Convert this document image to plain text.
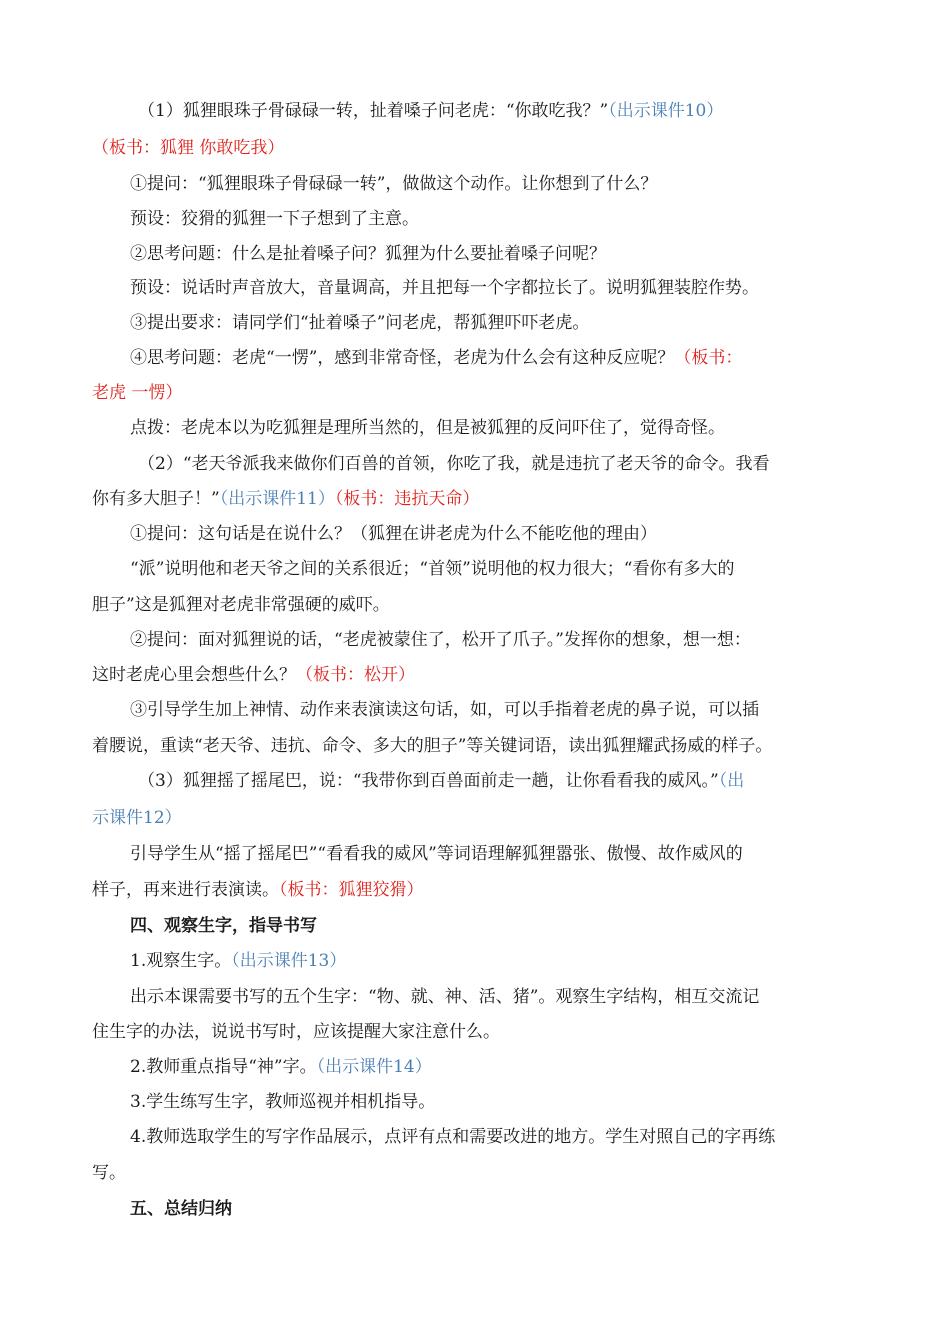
（1）狐狸眼珠子骨碌碌一转，扯着嗓子问老虎：“你敢吃我？”（出示课件10）
（板书：狐狸 你敢吃我）
①提问：“狐狸眼珠子骨碌碌一转”，做做这个动作。让你想到了什么？
预设：狡猾的狐狸一下子想到了主意。
②思考问题：什么是扯着嗓子问？狐狸为什么要扯着嗓子问呢？
预设：说话时声音放大，音量调高，并且把每一个字都拉长了。说明狐狸装腔作势。
③提出要求：请同学们“扯着嗓子”问老虎，帮狐狸吓吓老虎。
④思考问题：老虎“一愣”，感到非常奇怪，老虎为什么会有这种反应呢？（板书：
老虎 一愣）
点拨：老虎本以为吃狐狸是理所当然的，但是被狐狸的反问吓住了，觉得奇怪。
（2）“老天爷派我来做你们百兽的首领，你吃了我，就是违抗了老天爷的命令。我看
你有多大胆子！”（出示课件11）（板书：违抗天命）
①提问：这句话是在说什么？（狐狸在讲老虎为什么不能吃他的理由）
“派”说明他和老天爷之间的关系很近；“首领”说明他的权力很大；“看你有多大的
胆子”这是狐狸对老虎非常强硬的威吓。
②提问：面对狐狸说的话，“老虎被蒙住了，松开了爪子。”发挥你的想象，想一想：
这时老虎心里会想些什么？（板书：松开）
③引导学生加上神情、动作来表演读这句话，如，可以手指着老虎的鼻子说，可以插
着腰说，重读“老天爷、违抗、命令、多大的胆子”等关键词语，读出狐狸耀武扬威的样子。
（3）狐狸摇了摇尾巴，说：“我带你到百兽面前走一趟，让你看看我的威风。”（出
示课件12）
引导学生从“摇了摇尾巴”“看看我的威风”等词语理解狐狸嚣张、傲慢、故作威风的
样子，再来进行表演读。（板书：狐狸狡猾）
四、观察生字，指导书写
1.观察生字。（出示课件13）
出示本课需要书写的五个生字：“物、就、神、活、猪”。观察生字结构，相互交流记
住生字的办法，说说书写时，应该提醒大家注意什么。
2.教师重点指导“神”字。（出示课件14）
3.学生练写生字，教师巡视并相机指导。
4.教师选取学生的写字作品展示，点评有点和需要改进的地方。学生对照自己的字再练
写。
五、总结归纳
